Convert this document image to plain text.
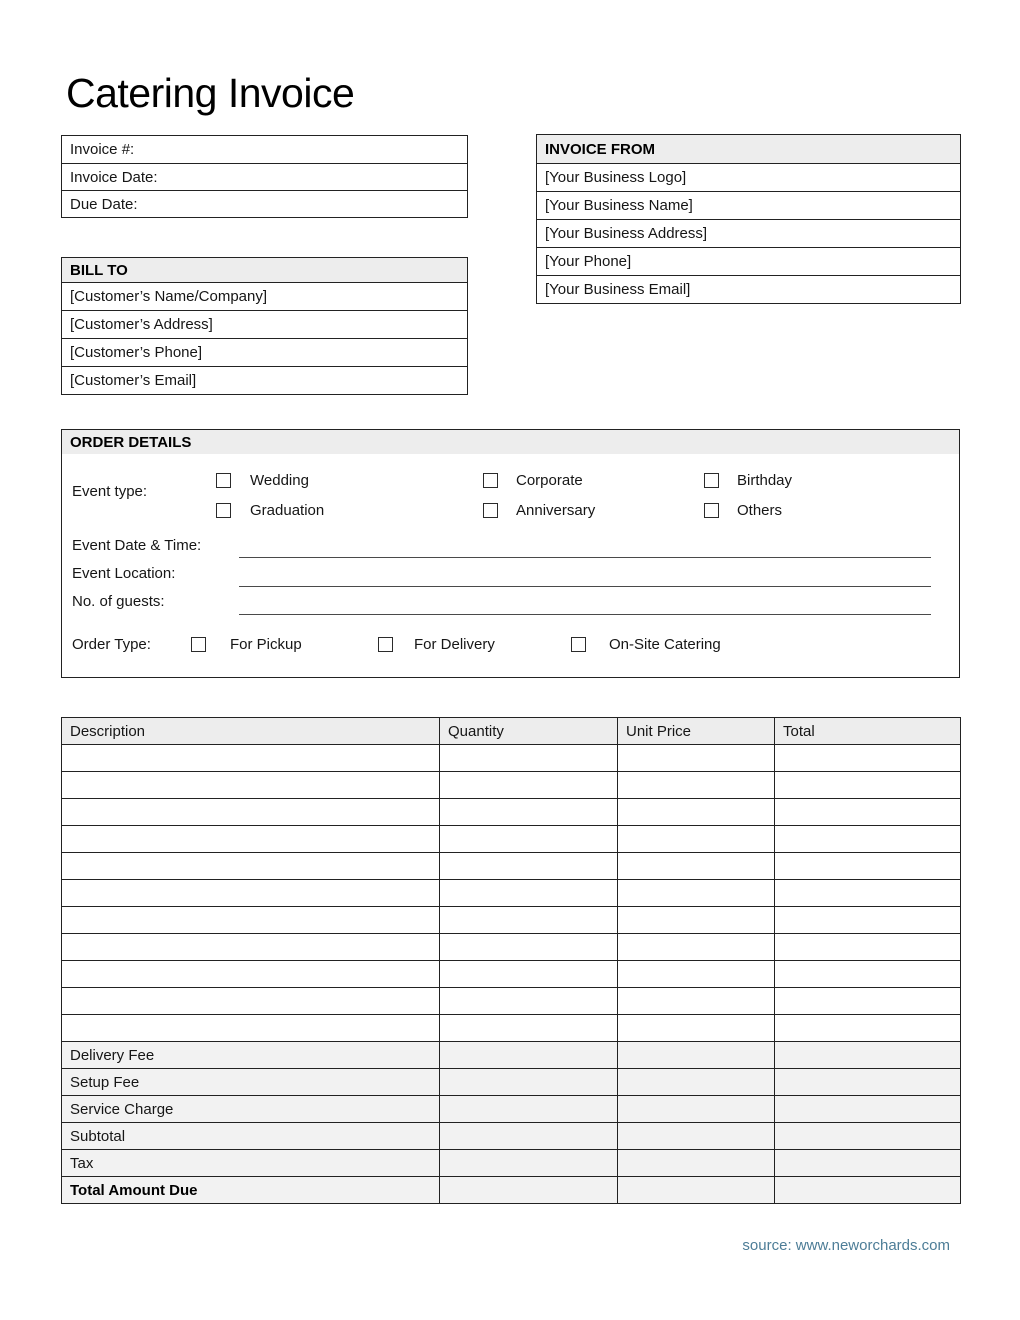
Catering Invoice
Invoice #:
Invoice Date:
Due Date:
INVOICE FROM
[Your Business Logo]
[Your Business Name]
[Your Business Address]
[Your Phone]
[Your Business Email]
BILL TO
[Customer’s Name/Company]
[Customer’s Address]
[Customer’s Phone]
[Customer’s Email]
ORDER DETAILS
Event type:
Wedding	Corporate	Birthday
Graduation	Anniversary	Others
Event Date & Time:
Event Location:
No. of guests:
Order Type:	For Pickup	For Delivery	On-Site Catering
Description	Quantity	Unit Price	Total

Delivery Fee			
Setup Fee			
Service Charge			
Subtotal			
Tax			
Total Amount Due			

source: www.neworchards.com
